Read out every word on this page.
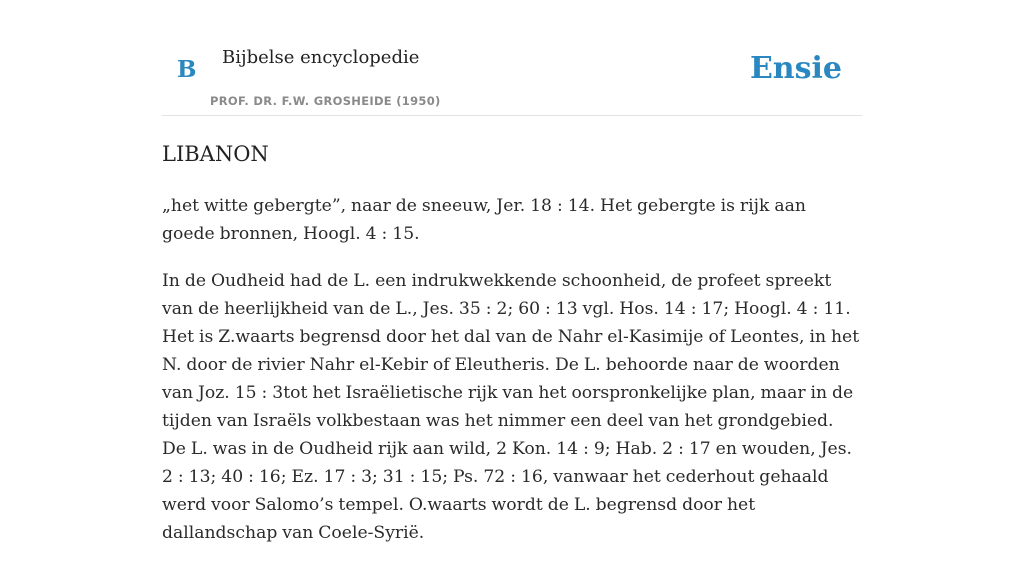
B Bijbelse encyclopedie
PROF. DR. F.W. GROSHEIDE (1950)
Ensie
LIBANON

„het witte gebergte”, naar de sneeuw, Jer. 18 : 14. Het gebergte is rijk aan goede bronnen, Hoogl. 4 : 15.

In de Oudheid had de L. een indrukwekkende schoonheid, de profeet spreekt van de heerlijkheid van de L., Jes. 35 : 2; 60 : 13 vgl. Hos. 14 : 17; Hoogl. 4 : 11. Het is Z.waarts begrensd door het dal van de Nahr el-Kasimije of Leontes, in het N. door de rivier Nahr el-Kebir of Eleutheris. De L. behoorde naar de woorden van Joz. 15 : 3tot het Israëlietische rijk van het oorspronkelijke plan, maar in de tijden van Israëls volkbestaan was het nimmer een deel van het grondgebied. De L. was in de Oudheid rijk aan wild, 2 Kon. 14 : 9; Hab. 2 : 17 en wouden, Jes. 2 : 13; 40 : 16; Ez. 17 : 3; 31 : 15; Ps. 72 : 16, vanwaar het cederhout gehaald werd voor Salomo’s tempel. O.waarts wordt de L. begrensd door het dallandschap van Coele-Syrië.
